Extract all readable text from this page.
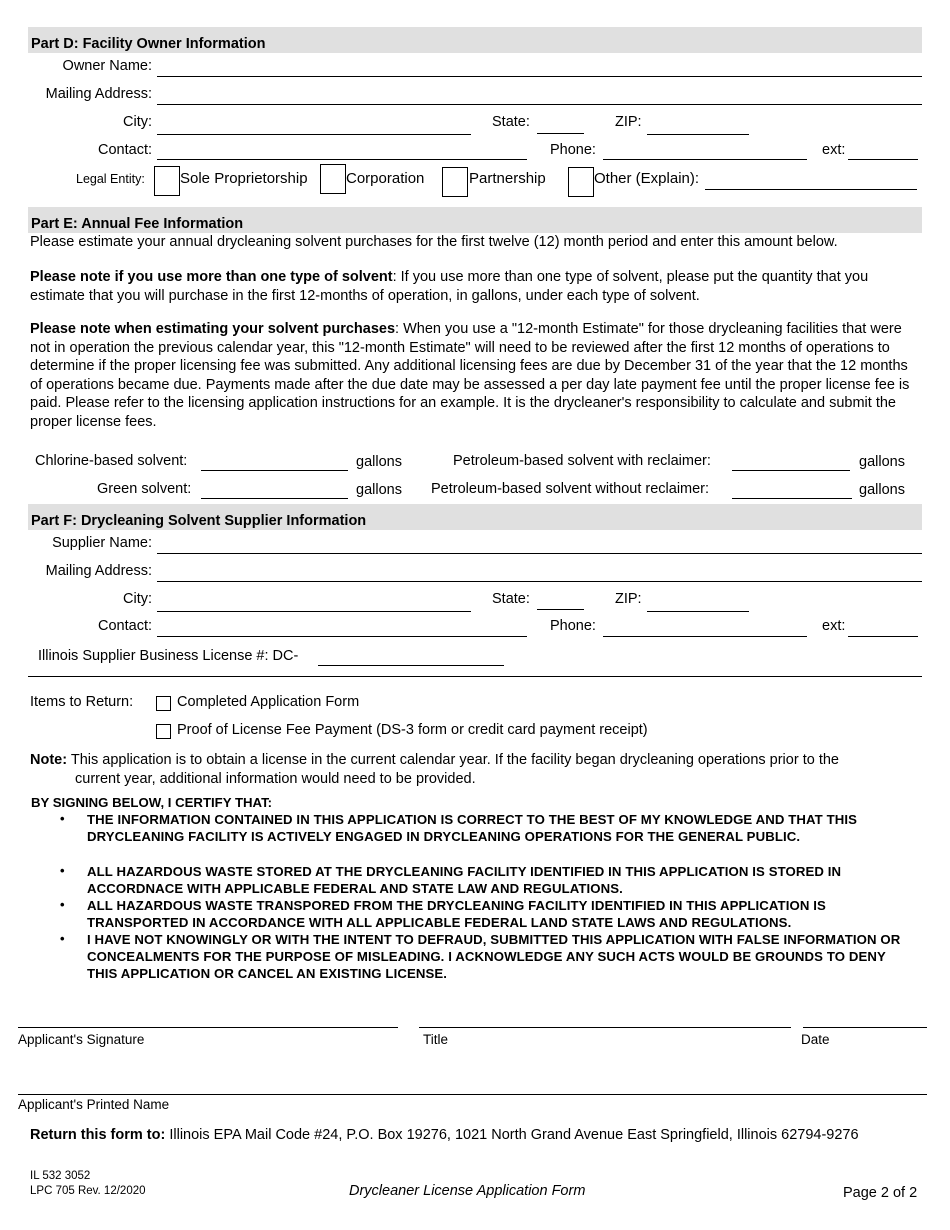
Part D: Facility Owner Information
Owner Name:
Mailing Address:
City:	State:	ZIP:
Contact:	Phone:	ext:
Legal Entity: Sole Proprietorship	Corporation	Partnership	Other (Explain):
Part E: Annual Fee Information
Please estimate your annual drycleaning solvent purchases for the first twelve (12) month period and enter this amount below.
Please note if you use more than one type of solvent: If you use more than one type of solvent, please put the quantity that you estimate that you will purchase in the first 12-months of operation, in gallons, under each type of solvent.
Please note when estimating your solvent purchases: When you use a "12-month Estimate" for those drycleaning facilities that were not in operation the previous calendar year, this "12-month Estimate" will need to be reviewed after the first 12 months of operations to determine if the proper licensing fee was submitted. Any additional licensing fees are due by December 31 of the year that the 12 months of operations became due. Payments made after the due date may be assessed a per day late payment fee until the proper license fee is paid. Please refer to the licensing application instructions for an example. It is the drycleaner's responsibility to calculate and submit the proper license fees.
Chlorine-based solvent:	gallons	Petroleum-based solvent with reclaimer:	gallons
Green solvent:	gallons Petroleum-based solvent without reclaimer:	gallons
Part F: Drycleaning Solvent Supplier Information
Supplier Name:
Mailing Address:
City:	State:	ZIP:
Contact:	Phone:	ext:
Illinois Supplier Business License #: DC-
Items to Return:	Completed Application Form
Proof of License Fee Payment (DS-3 form or credit card payment receipt)
Note: This application is to obtain a license in the current calendar year. If the facility began drycleaning operations prior to the
current year, additional information would need to be provided.
BY SIGNING BELOW, I CERTIFY THAT:
• THE INFORMATION CONTAINED IN THIS APPLICATION IS CORRECT TO THE BEST OF MY KNOWLEDGE AND THAT THIS DRYCLEANING FACILITY IS ACTIVELY ENGAGED IN DRYCLEANING OPERATIONS FOR THE GENERAL PUBLIC.
• ALL HAZARDOUS WASTE STORED AT THE DRYCLEANING FACILITY IDENTIFIED IN THIS APPLICATION IS STORED IN ACCORDNACE WITH APPLICABLE FEDERAL AND STATE LAW AND REGULATIONS.
• ALL HAZARDOUS WASTE TRANSPORED FROM THE DRYCLEANING FACILITY IDENTIFIED IN THIS APPLICATION IS TRANSPORTED IN ACCORDANCE WITH ALL APPLICABLE FEDERAL LAND STATE LAWS AND REGULATIONS.
• I HAVE NOT KNOWINGLY OR WITH THE INTENT TO DEFRAUD, SUBMITTED THIS APPLICATION WITH FALSE INFORMATION OR CONCEALMENTS FOR THE PURPOSE OF MISLEADING. I ACKNOWLEDGE ANY SUCH ACTS WOULD BE GROUNDS TO DENY THIS APPLICATION OR CANCEL AN EXISTING LICENSE.
Applicant's Signature	Title	Date
Applicant's Printed Name
Return this form to: Illinois EPA Mail Code #24, P.O. Box 19276, 1021 North Grand Avenue East Springfield, Illinois 62794-9276
IL 532 3052
LPC 705 Rev. 12/2020	Drycleaner License Application Form	Page 2 of 2
